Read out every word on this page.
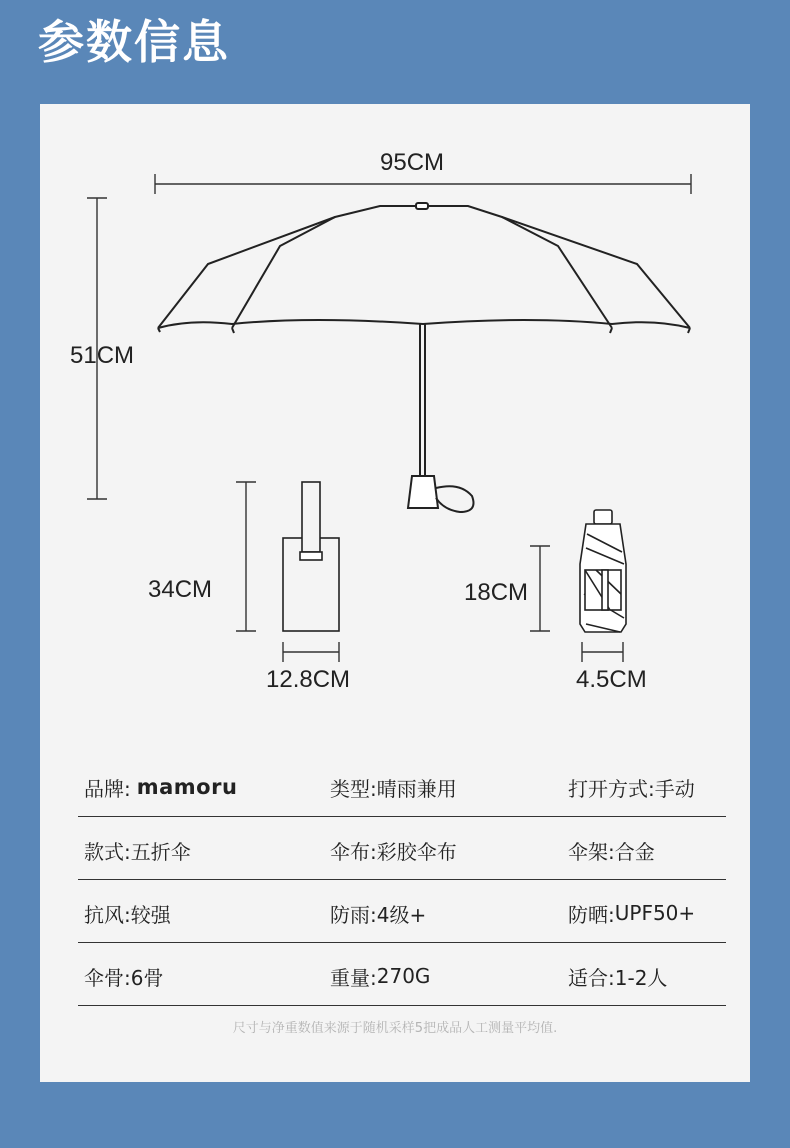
参数信息
95CM
51CM
34CM
12.8CM
18CM
4.5CM
品牌: mamoru	类型: 晴雨兼用	打开方式: 手动
款式: 五折伞	伞布: 彩胶伞布	伞架: 合金
抗风: 较强	防雨: 4级+	防晒: UPF50+
伞骨: 6骨	重量: 270G	适合: 1-2人
尺寸与净重数值来源于随机采样5把成品人工测量平均值.
